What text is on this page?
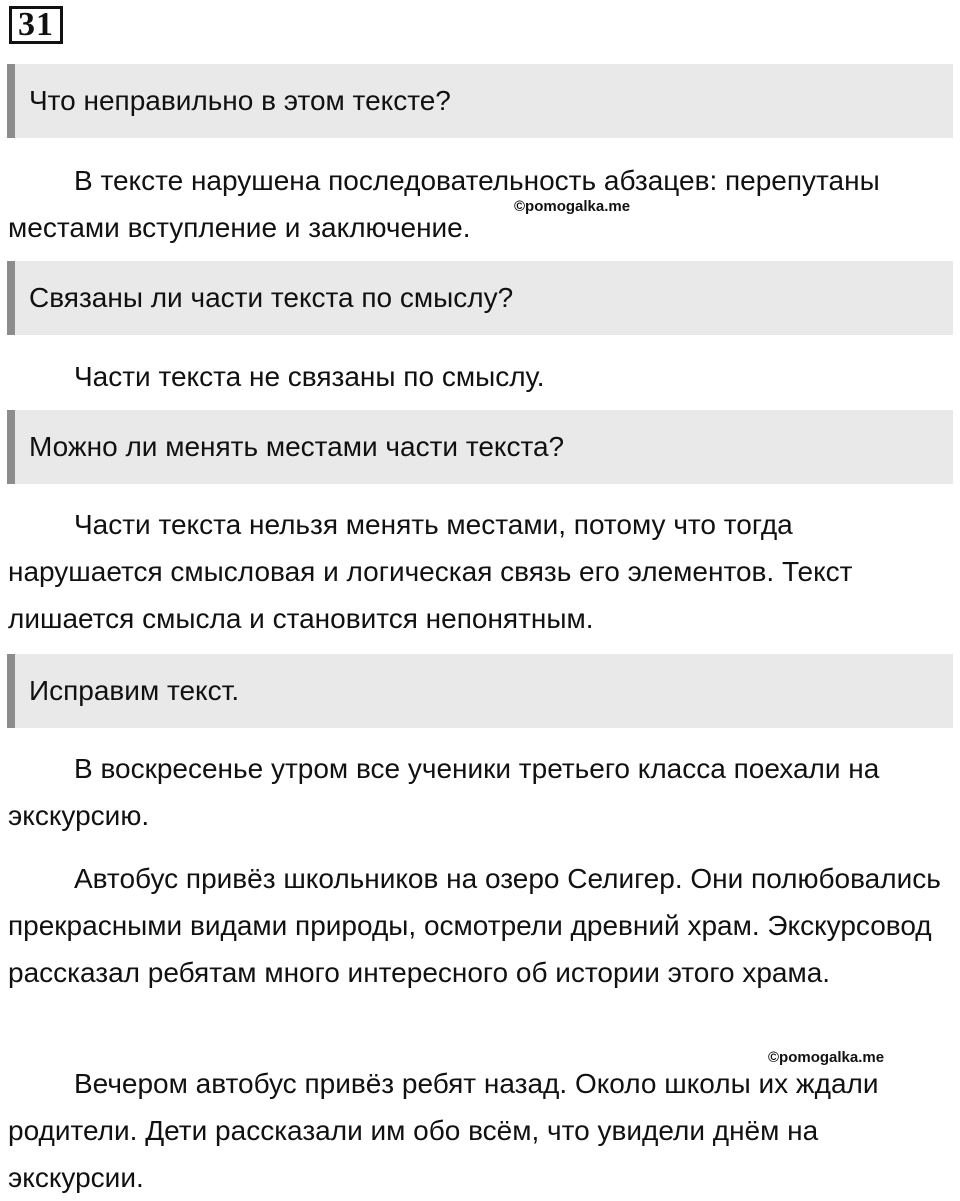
31
Что неправильно в этом тексте?

В тексте нарушена последовательность абзацев: перепутаны местами вступление и заключение.

©pomogalka.me
Связаны ли части текста по смыслу?

Части текста не связаны по смыслу.

Можно ли менять местами части текста?

Части текста нельзя менять местами, потому что тогда нарушается смысловая и логическая связь его элементов. Текст лишается смысла и становится непонятным.

Исправим текст.

В воскресенье утром все ученики третьего класса поехали на экскурсию.

Автобус привёз школьников на озеро Селигер. Они полюбовались прекрасными видами природы, осмотрели древний храм. Экскурсовод рассказал ребятам много интересного об истории этого храма.

©pomogalka.me

Вечером автобус привёз ребят назад. Около школы их ждали родители. Дети рассказали им обо всём, что увидели днём на экскурсии.
